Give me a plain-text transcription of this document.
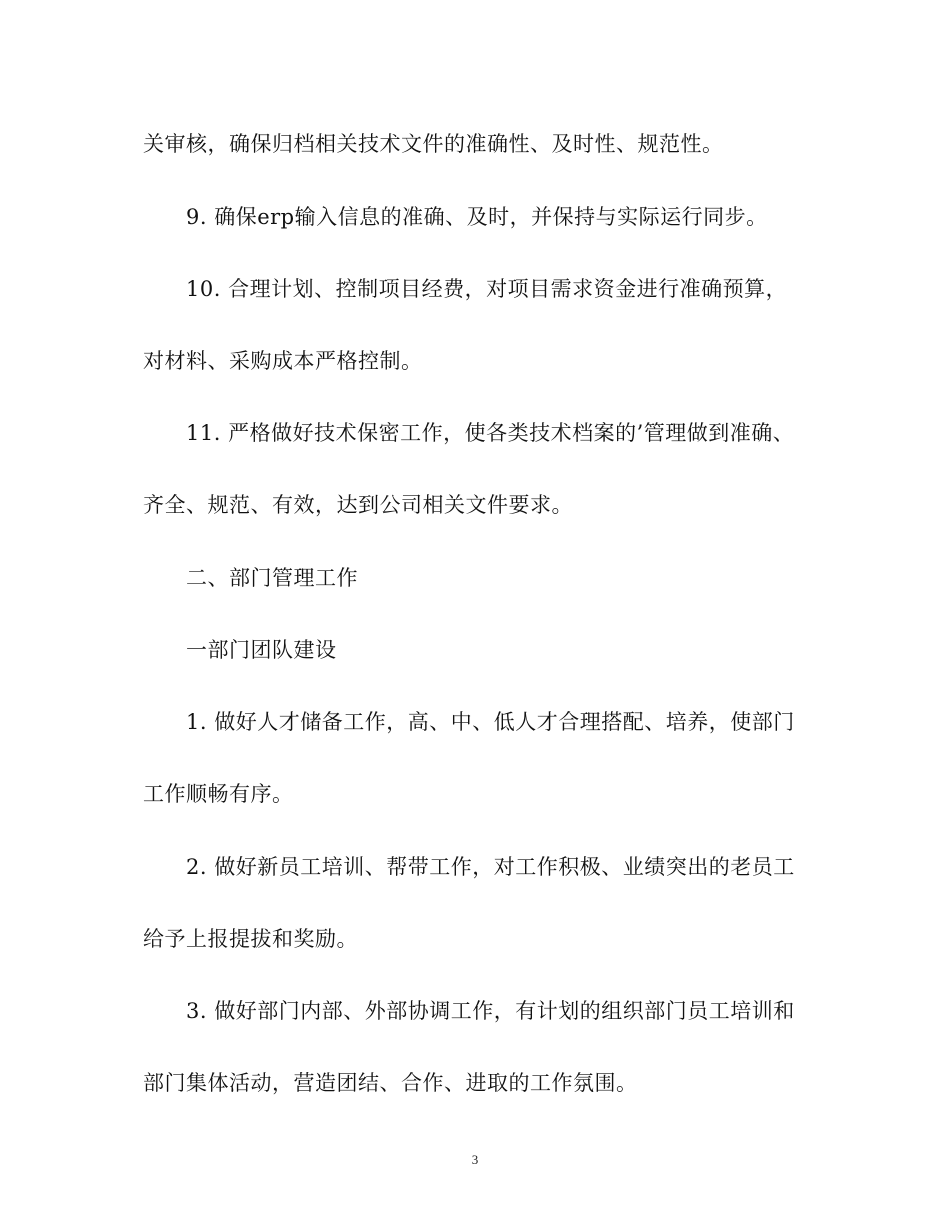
关审核，确保归档相关技术文件的准确性、及时性、规范性。
9. 确保erp输入信息的准确、及时，并保持与实际运行同步。
10. 合理计划、控制项目经费，对项目需求资金进行准确预算，
对材料、采购成本严格控制。
11. 严格做好技术保密工作，使各类技术档案的’管理做到准确、
齐全、规范、有效，达到公司相关文件要求。
二、部门管理工作
一部门团队建设
1. 做好人才储备工作，高、中、低人才合理搭配、培养，使部门
工作顺畅有序。
2. 做好新员工培训、帮带工作，对工作积极、业绩突出的老员工
给予上报提拔和奖励。
3. 做好部门内部、外部协调工作，有计划的组织部门员工培训和
部门集体活动，营造团结、合作、进取的工作氛围。
3
